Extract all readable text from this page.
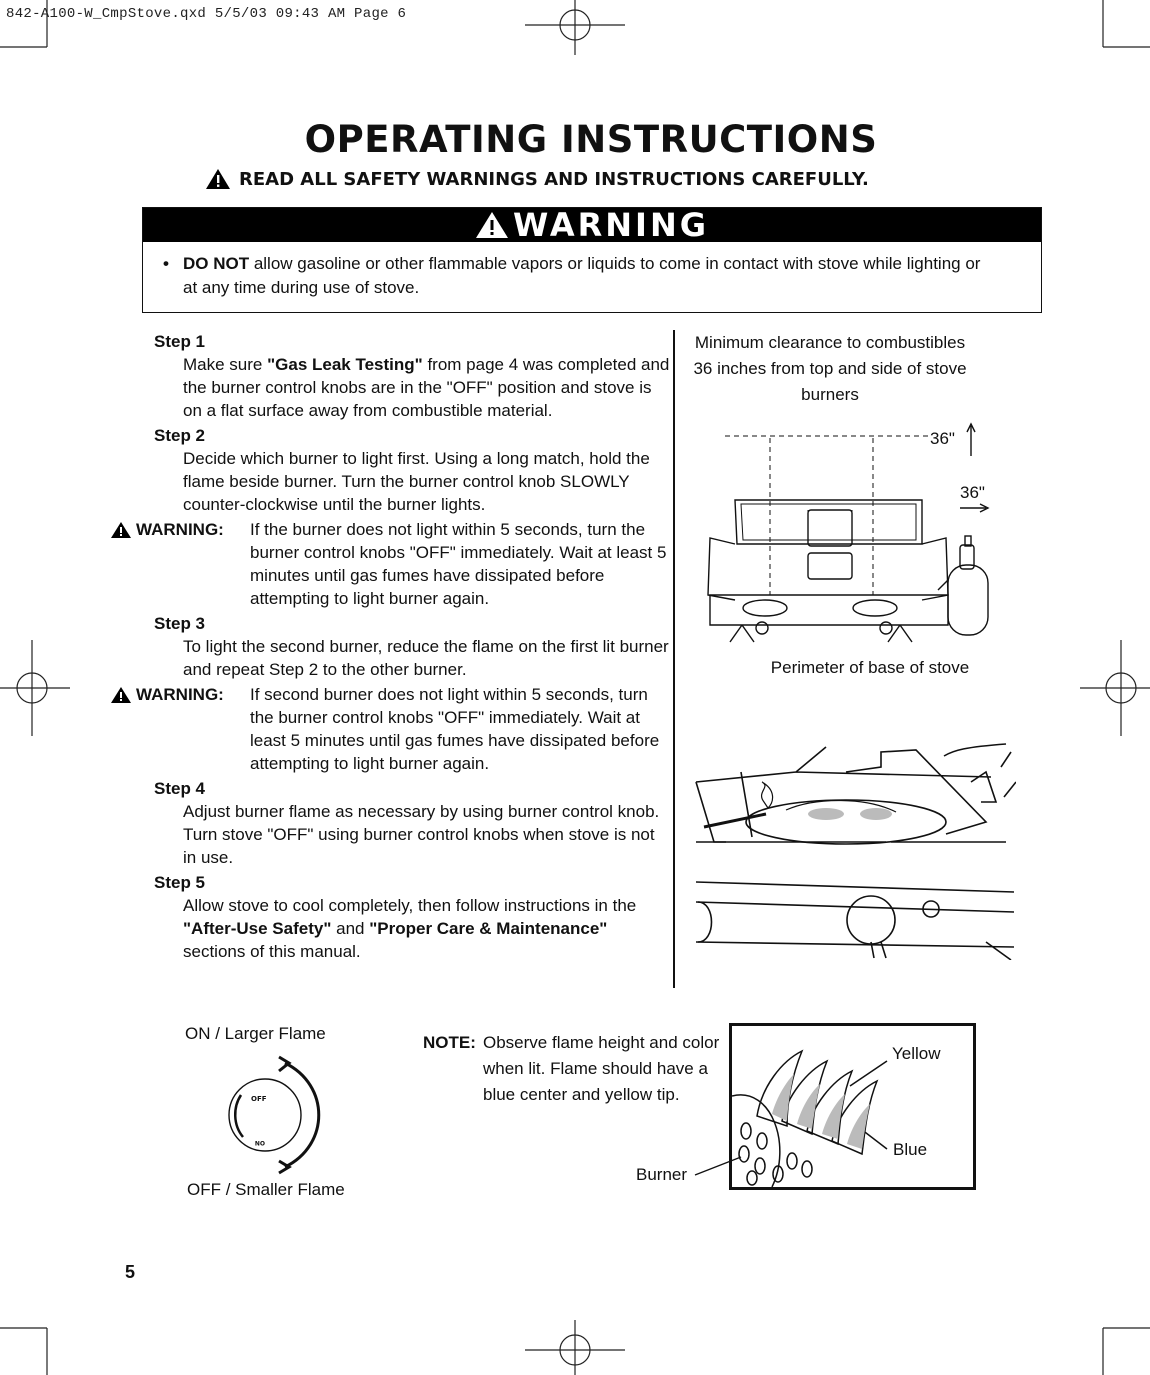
842-A100-W_CmpStove.qxd 5/5/03 09:43 AM Page 6
OPERATING INSTRUCTIONS
READ ALL SAFETY WARNINGS AND INSTRUCTIONS CAREFULLY.
WARNING
• DO NOT allow gasoline or other flammable vapors or liquids to come in contact with stove while lighting or at any time during use of stove.
Step 1
Make sure "Gas Leak Testing" from page 4 was completed and the burner control knobs are in the "OFF" position and stove is on a flat surface away from combustible material.
Step 2
Decide which burner to light first. Using a long match, hold the flame beside burner. Turn the burner control knob SLOWLY counter-clockwise until the burner lights.
WARNING: If the burner does not light within 5 seconds, turn the burner control knobs "OFF" immediately. Wait at least 5 minutes until gas fumes have dissipated before attempting to light burner again.
Step 3
To light the second burner, reduce the flame on the first lit burner and repeat Step 2 to the other burner.
WARNING: If second burner does not light within 5 seconds, turn the burner control knobs "OFF" immediately. Wait at least 5 minutes until gas fumes have dissipated before attempting to light burner again.
Step 4
Adjust burner flame as necessary by using burner control knob. Turn stove "OFF" using burner control knobs when stove is not in use.
Step 5
Allow stove to cool completely, then follow instructions in the "After-Use Safety" and "Proper Care & Maintenance" sections of this manual.
Minimum clearance to combustibles 36 inches from top and side of stove burners
36"
36"
Perimeter of base of stove
ON / Larger Flame
OFF
ON
OFF / Smaller Flame
NOTE: Observe flame height and color when lit. Flame should have a blue center and yellow tip.
Yellow
Blue
Burner
5
